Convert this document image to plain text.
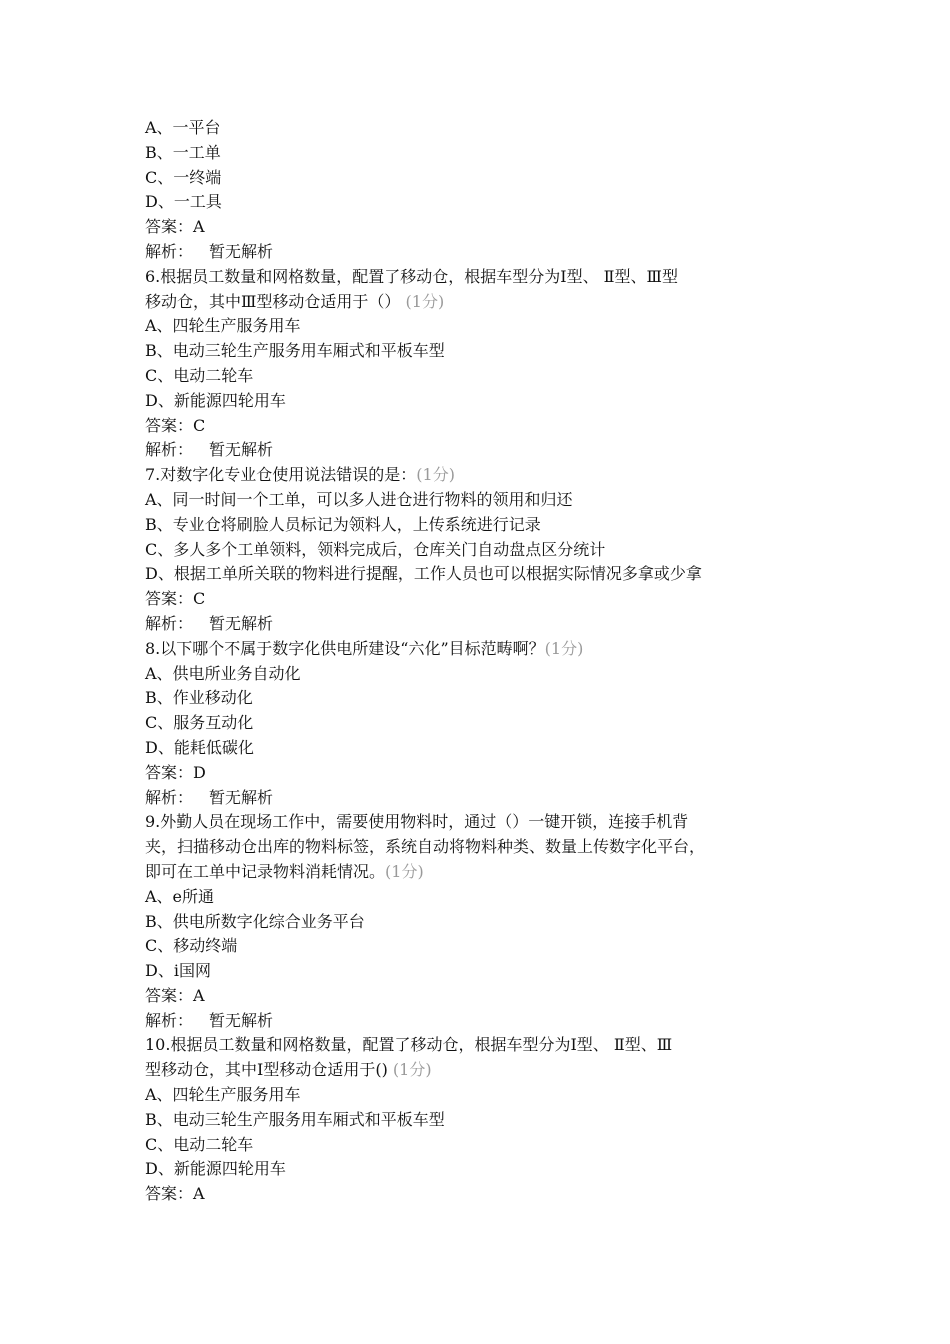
A、一平台
B、一工单
C、一终端
D、一工具
答案：A
解析： 暂无解析
6.根据员工数量和网格数量，配置了移动仓，根据车型分为Ⅰ型、 Ⅱ型、Ⅲ型
移动仓，其中Ⅲ型移动仓适用于（） (1分)
A、四轮生产服务用车
B、电动三轮生产服务用车厢式和平板车型
C、电动二轮车
D、新能源四轮用车
答案：C
解析： 暂无解析
7.对数字化专业仓使用说法错误的是：(1分)
A、同一时间一个工单，可以多人进仓进行物料的领用和归还
B、专业仓将刷脸人员标记为领料人，上传系统进行记录
C、多人多个工单领料，领料完成后，仓库关门自动盘点区分统计
D、根据工单所关联的物料进行提醒，工作人员也可以根据实际情况多拿或少拿
答案：C
解析： 暂无解析
8.以下哪个不属于数字化供电所建设“六化”目标范畴啊？(1分)
A、供电所业务自动化
B、作业移动化
C、服务互动化
D、能耗低碳化
答案：D
解析： 暂无解析
9.外勤人员在现场工作中，需要使用物料时，通过（）一键开锁，连接手机背
夹，扫描移动仓出库的物料标签，系统自动将物料种类、数量上传数字化平台，
即可在工单中记录物料消耗情况。(1分)
A、e所通
B、供电所数字化综合业务平台
C、移动终端
D、i国网
答案：A
解析： 暂无解析
10.根据员工数量和网格数量，配置了移动仓，根据车型分为Ⅰ型、 Ⅱ型、Ⅲ
型移动仓，其中Ⅰ型移动仓适用于() (1分)
A、四轮生产服务用车
B、电动三轮生产服务用车厢式和平板车型
C、电动二轮车
D、新能源四轮用车
答案：A
